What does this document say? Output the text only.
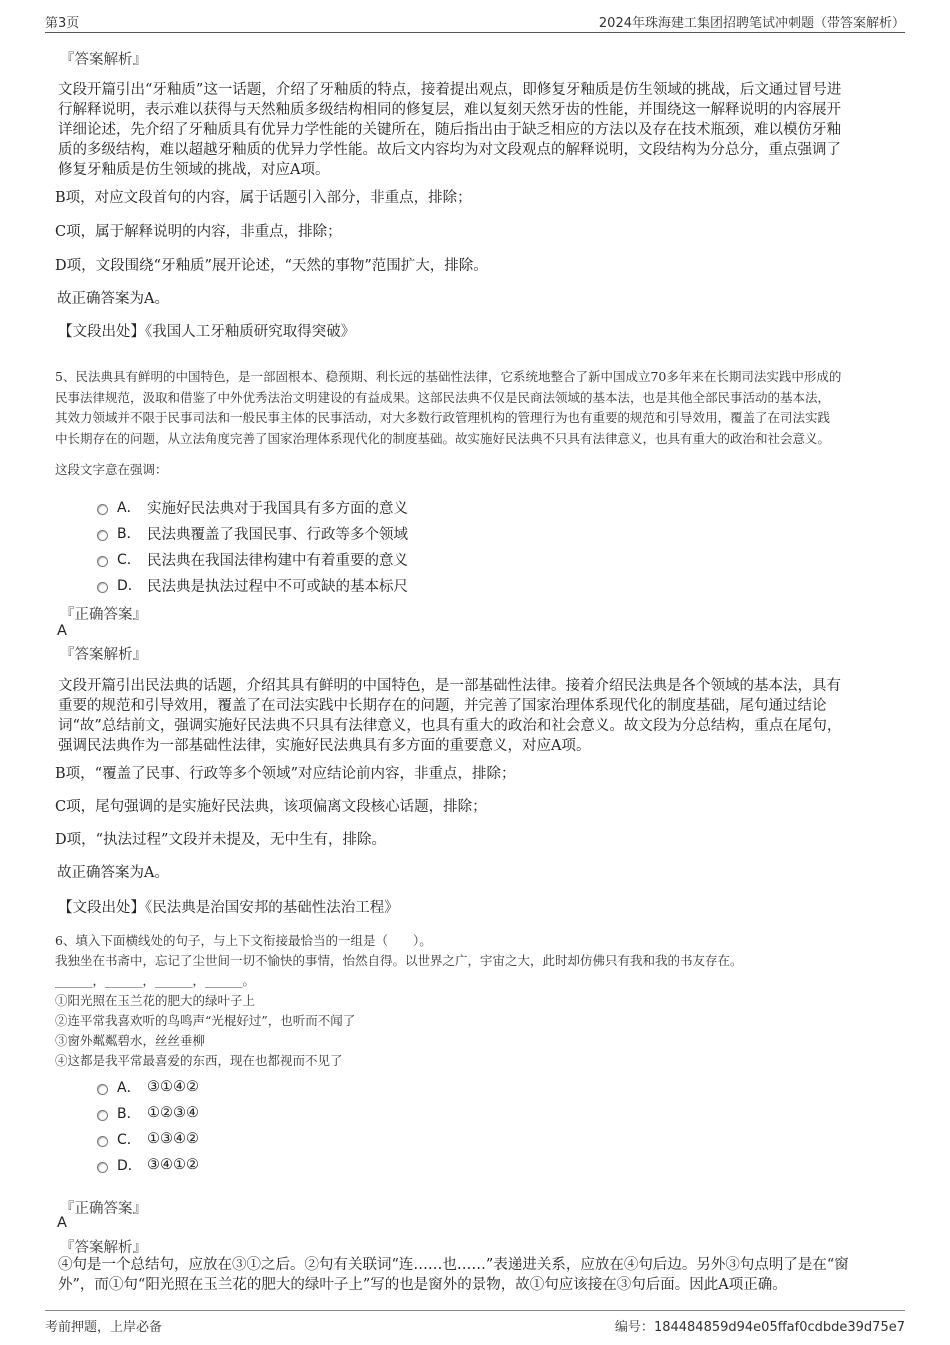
第3页	2024年珠海建工集团招聘笔试冲刺题（带答案解析）
『答案解析』

文段开篇引出“牙釉质”这一话题，介绍了牙釉质的特点，接着提出观点，即修复牙釉质是仿生领域的挑战，后文通过冒号进

行解释说明，表示难以获得与天然釉质多级结构相同的修复层，难以复刻天然牙齿的性能，并围绕这一解释说明的内容展开

详细论述，先介绍了牙釉质具有优异力学性能的关键所在，随后指出由于缺乏相应的方法以及存在技术瓶颈，难以模仿牙釉

质的多级结构，难以超越牙釉质的优异力学性能。故后文内容均为对文段观点的解释说明，文段结构为分总分，重点强调了

修复牙釉质是仿生领域的挑战，对应A项。

B项，对应文段首句的内容，属于话题引入部分，非重点，排除；
C项，属于解释说明的内容，非重点，排除；
D项，文段围绕“牙釉质”展开论述，“天然的事物”范围扩大，排除。
故正确答案为A。
【文段出处】《我国人工牙釉质研究取得突破》

5、民法典具有鲜明的中国特色，是一部固根本、稳预期、利长远的基础性法律，它系统地整合了新中国成立70多年来在长期司法实践中形成的

民事法律规范，汲取和借鉴了中外优秀法治文明建设的有益成果。这部民法典不仅是民商法领域的基本法，也是其他全部民事活动的基本法，

其效力领域并不限于民事司法和一般民事主体的民事活动，对大多数行政管理机构的管理行为也有重要的规范和引导效用，覆盖了在司法实践

中长期存在的问题，从立法角度完善了国家治理体系现代化的制度基础。故实施好民法典不只具有法律意义，也具有重大的政治和社会意义。

这段文字意在强调：
A． 实施好民法典对于我国具有多方面的意义
B． 民法典覆盖了我国民事、行政等多个领域
C． 民法典在我国法律构建中有着重要的意义
D． 民法典是执法过程中不可或缺的基本标尺
『正确答案』
A
『答案解析』

文段开篇引出民法典的话题，介绍其具有鲜明的中国特色，是一部基础性法律。接着介绍民法典是各个领域的基本法，具有

重要的规范和引导效用，覆盖了在司法实践中长期存在的问题，并完善了国家治理体系现代化的制度基础，尾句通过结论

词“故”总结前文，强调实施好民法典不只具有法律意义，也具有重大的政治和社会意义。故文段为分总结构，重点在尾句，

强调民法典作为一部基础性法律，实施好民法典具有多方面的重要意义，对应A项。

B项，“覆盖了民事、行政等多个领域”对应结论前内容，非重点，排除；
C项，尾句强调的是实施好民法典，该项偏离文段核心话题，排除；
D项，“执法过程”文段并未提及，无中生有，排除。
故正确答案为A。
【文段出处】《民法典是治国安邦的基础性法治工程》

6、填入下面横线处的句子，与上下文衔接最恰当的一组是（　　）。

我独坐在书斋中，忘记了尘世间一切不愉快的事情，怡然自得。以世界之广，宇宙之大，此时却仿佛只有我和我的书友存在。

______，______，______，______。

①阳光照在玉兰花的肥大的绿叶子上

②连平常我喜欢听的鸟鸣声“光棍好过”，也听而不闻了

③窗外粼粼碧水，丝丝垂柳

④这都是我平常最喜爱的东西，现在也都视而不见了

A． ③①④②
B． ①②③④
C． ①③④②
D． ③④①②
『正确答案』
A
『答案解析』

④句是一个总结句，应放在③①之后。②句有关联词“连……也……”表递进关系，应放在④句后边。另外③句点明了是在“窗

外”，而①句“阳光照在玉兰花的肥大的绿叶子上”写的也是窗外的景物，故①句应该接在③句后面。因此A项正确。

考前押题，上岸必备	编号：184484859d94e05ffaf0cdbde39d75e7
